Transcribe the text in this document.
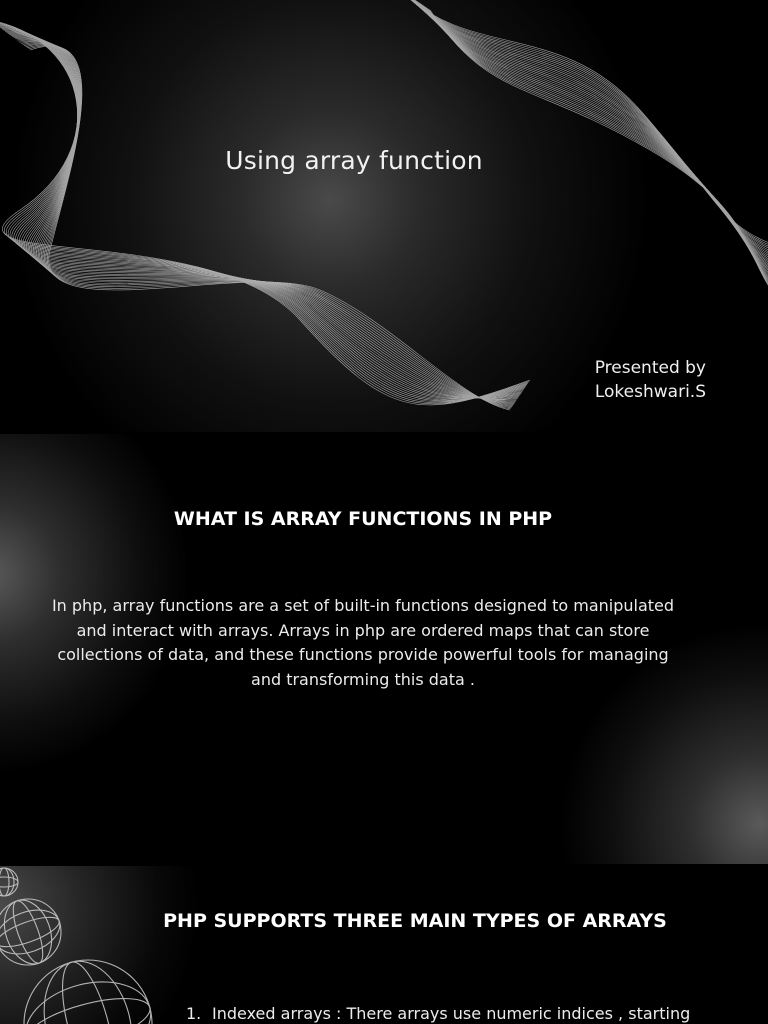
Using array function
Presented by
Lokeshwari.S
WHAT IS ARRAY FUNCTIONS IN PHP

In php, array functions are a set of built-in functions designed to manipulated and interact with arrays. Arrays in php are ordered maps that can store collections of data, and these functions provide powerful tools for managing and transforming this data .

PHP SUPPORTS THREE MAIN TYPES OF ARRAYS
1. Indexed arrays : There arrays use numeric indices , starting
